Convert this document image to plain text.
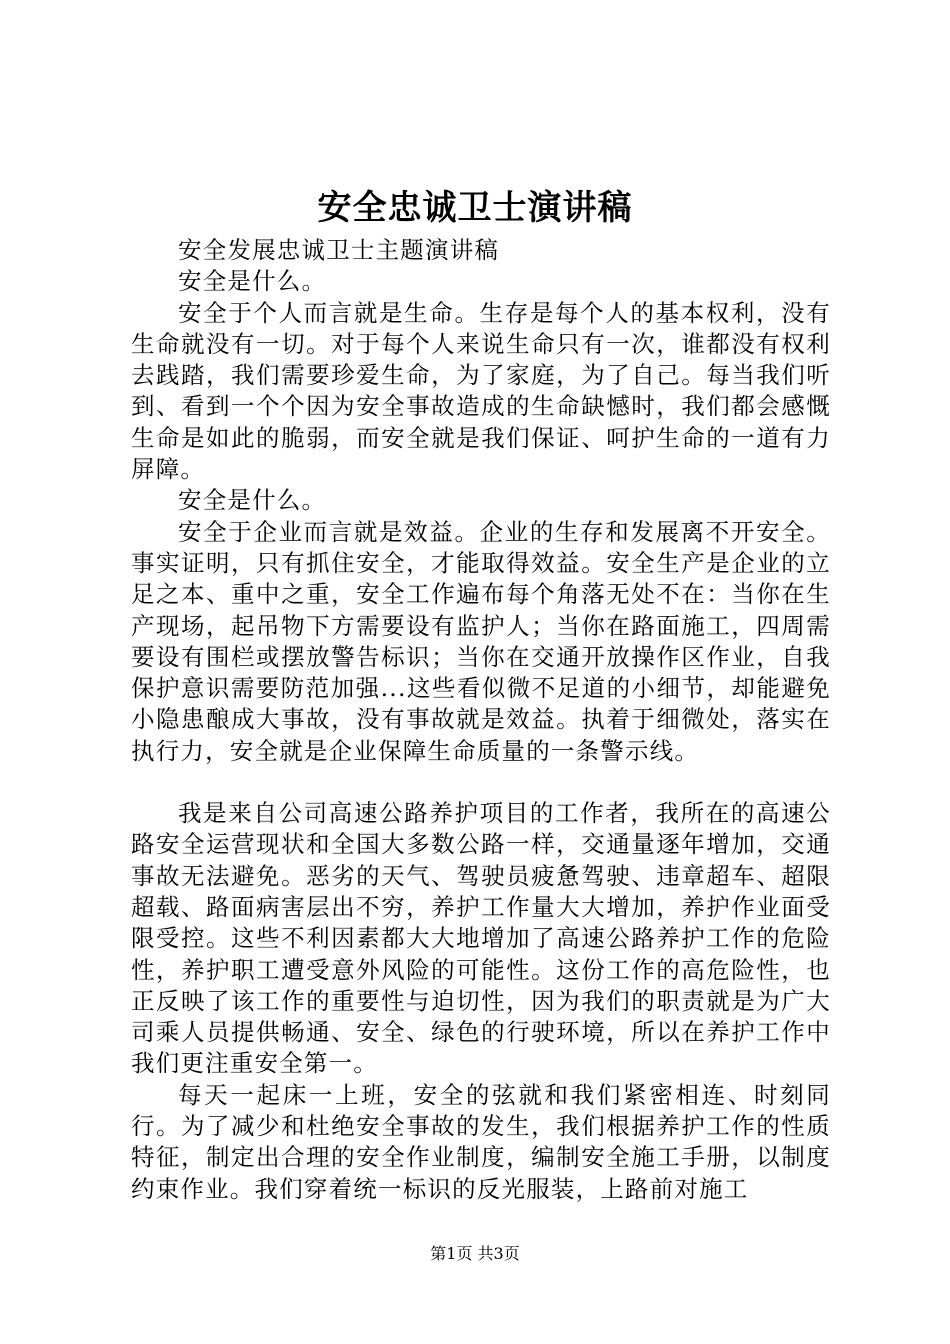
安全忠诚卫士演讲稿

安全发展忠诚卫士主题演讲稿

安全是什么。

安全于个人而言就是生命。生存是每个人的基本权利，没有生命就没有一切。对于每个人来说生命只有一次，谁都没有权利去践踏，我们需要珍爱生命，为了家庭，为了自己。每当我们听到、看到一个个因为安全事故造成的生命缺憾时，我们都会感慨生命是如此的脆弱，而安全就是我们保证、呵护生命的一道有力屏障。

安全是什么。

安全于企业而言就是效益。企业的生存和发展离不开安全。事实证明，只有抓住安全，才能取得效益。安全生产是企业的立足之本、重中之重，安全工作遍布每个角落无处不在：当你在生产现场，起吊物下方需要设有监护人；当你在路面施工，四周需要设有围栏或摆放警告标识；当你在交通开放操作区作业，自我保护意识需要防范加强...这些看似微不足道的小细节，却能避免小隐患酿成大事故，没有事故就是效益。执着于细微处，落实在执行力，安全就是企业保障生命质量的一条警示线。

我是来自公司高速公路养护项目的工作者，我所在的高速公路安全运营现状和全国大多数公路一样，交通量逐年增加，交通事故无法避免。恶劣的天气、驾驶员疲惫驾驶、违章超车、超限超载、路面病害层出不穷，养护工作量大大增加，养护作业面受限受控。这些不利因素都大大地增加了高速公路养护工作的危险性，养护职工遭受意外风险的可能性。这份工作的高危险性，也正反映了该工作的重要性与迫切性，因为我们的职责就是为广大司乘人员提供畅通、安全、绿色的行驶环境，所以在养护工作中我们更注重安全第一。

每天一起床一上班，安全的弦就和我们紧密相连、时刻同行。为了减少和杜绝安全事故的发生，我们根据养护工作的性质特征，制定出合理的安全作业制度，编制安全施工手册，以制度约束作业。我们穿着统一标识的反光服装，上路前对施工

第1页 共3页
